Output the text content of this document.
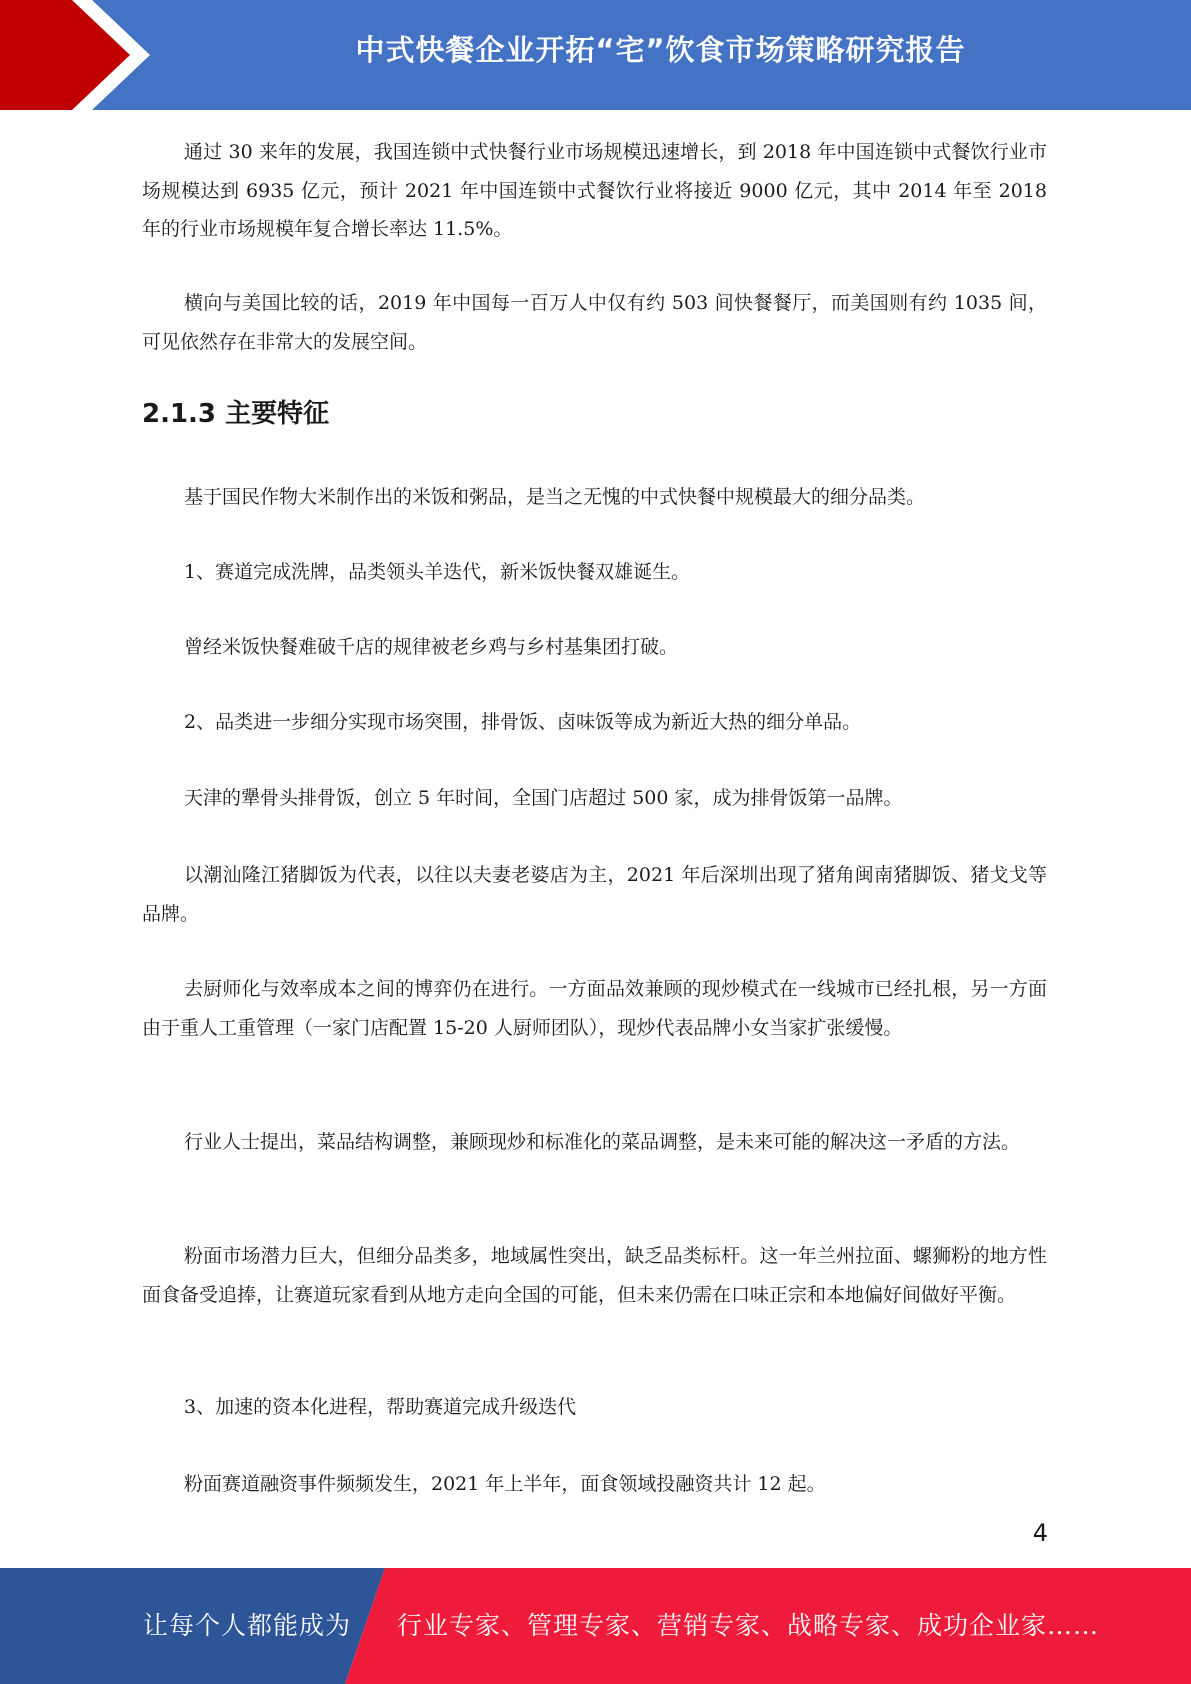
中式快餐企业开拓“宅”饮食市场策略研究报告

通过 30 来年的发展，我国连锁中式快餐行业市场规模迅速增长，到 2018 年中国连锁中式餐饮行业市场规模达到 6935 亿元，预计 2021 年中国连锁中式餐饮行业将接近 9000 亿元，其中 2014 年至 2018 年的行业市场规模年复合增长率达 11.5%。

横向与美国比较的话，2019 年中国每一百万人中仅有约 503 间快餐餐厅，而美国则有约 1035 间，可见依然存在非常大的发展空间。

2.1.3 主要特征

基于国民作物大米制作出的米饭和粥品，是当之无愧的中式快餐中规模最大的细分品类。

1、赛道完成洗牌，品类领头羊迭代，新米饭快餐双雄诞生。

曾经米饭快餐难破千店的规律被老乡鸡与乡村基集团打破。

2、品类进一步细分实现市场突围，排骨饭、卤味饭等成为新近大热的细分单品。

天津的犟骨头排骨饭，创立 5 年时间，全国门店超过 500 家，成为排骨饭第一品牌。

以潮汕隆江猪脚饭为代表，以往以夫妻老婆店为主，2021 年后深圳出现了猪角闽南猪脚饭、猪戈戈等品牌。

去厨师化与效率成本之间的博弈仍在进行。一方面品效兼顾的现炒模式在一线城市已经扎根，另一方面由于重人工重管理（一家门店配置 15-20 人厨师团队），现炒代表品牌小女当家扩张缓慢。

行业人士提出，菜品结构调整，兼顾现炒和标准化的菜品调整，是未来可能的解决这一矛盾的方法。

粉面市场潜力巨大，但细分品类多，地域属性突出，缺乏品类标杆。这一年兰州拉面、螺狮粉的地方性面食备受追捧，让赛道玩家看到从地方走向全国的可能，但未来仍需在口味正宗和本地偏好间做好平衡。

3、加速的资本化进程，帮助赛道完成升级迭代

粉面赛道融资事件频频发生，2021 年上半年，面食领域投融资共计 12 起。

4
让每个人都能成为 行业专家、管理专家、营销专家、战略专家、成功企业家……
